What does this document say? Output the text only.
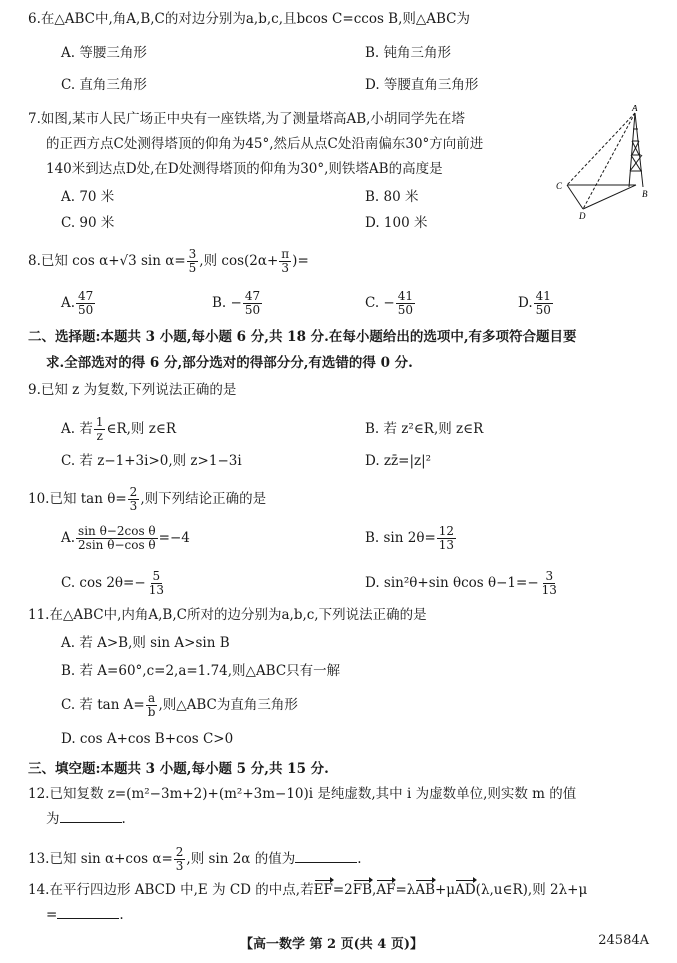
6.在△ABC中,角A,B,C的对边分别为a,b,c,且bcos C=ccos B,则△ABC为
A. 等腰三角形	B. 钝角三角形
C. 直角三角形	D. 等腰直角三角形
7.如图,某市人民广场正中央有一座铁塔,为了测量塔高AB,小胡同学先在塔
的正西方点C处测得塔顶的仰角为45°,然后从点C处沿南偏东30°方向前进
140米到达点D处,在D处测得塔顶的仰角为30°,则铁塔AB的高度是
A. 70 米	B. 80 米
C. 90 米	D. 100 米
A
B
C
D
8.已知 cos α+√3 $\sin \alpha= \frac{3}{5}$ ,则 $\cos(2\alpha+ \frac{\pi}{3}$ )=
A. $\frac{47}{50}$	B. − $\frac{47}{50}$	C. − $\frac{41}{50}$	D. $\frac{41}{50}$
二、选择题:本题共 3 小题,每小题 6 分,共 18 分.在每小题给出的选项中,有多项符合题目要
求.全部选对的得 6 分,部分选对的得部分分,有选错的得 0 分.
9.已知 z 为复数,下列说法正确的是
A. 若 $\frac{1}{z}$ ∈R,则 z∈R	B. 若 z²∈R,则 z∈R
C. 若 z−1+3i>0,则 z>1−3i	D. zz̄=|z|²
10.已知 $\tan \theta= \frac{2}{3}$ ,则下列结论正确的是
A. $\frac{\text{sin θ−2cos θ}}{\text{2sin θ−cos θ}} =-4$	B. $\sin 2\theta= \frac{12}{13}$
C. $\cos 2\theta=- \frac{5}{13}$	D. sin²θ+sin θcos $\theta-1=- \frac{3}{13}$
11.在△ABC中,内角A,B,C所对的边分别为a,b,c,下列说法正确的是
A. 若 A>B,则 sin A>sin B
B. 若 A=60°,c=2,a=1.74,则△ABC只有一解
C. 若 $\tan A= \frac{a}{b}$ ,则△ABC为直角三角形
D. cos A+cos B+cos C>0
三、填空题:本题共 3 小题,每小题 5 分,共 15 分.
12.已知复数 z=(m²−3m+2)+(m²+3m−10)i 是纯虚数,其中 i 为虚数单位,则实数 m 的值
为	.
13.已知 sin α+cos $\alpha= \frac{2}{3}$ ,则 sin 2α 的值为	.
14.在平行四边形 ABCD 中,E 为 CD 的中点,若EF=2FB,AF=λAB+μAD(λ,u∈R),则 2λ+μ
=	.
【高一数学 第 2 页(共 4 页)】	24584A
